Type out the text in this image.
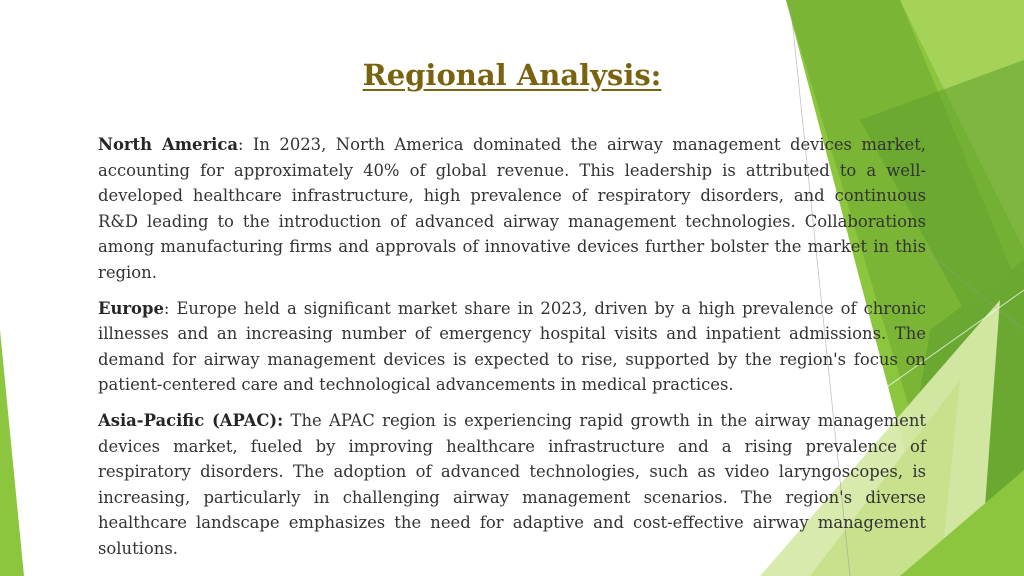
Regional Analysis:

North America: In 2023, North America dominated the airway management devices market, accounting for approximately 40% of global revenue. This leadership is attributed to a well-developed healthcare infrastructure, high prevalence of respiratory disorders, and continuous R&D leading to the introduction of advanced airway management technologies. Collaborations among manufacturing firms and approvals of innovative devices further bolster the market in this region.

Europe: Europe held a significant market share in 2023, driven by a high prevalence of chronic illnesses and an increasing number of emergency hospital visits and inpatient admissions. The demand for airway management devices is expected to rise, supported by the region's focus on patient-centered care and technological advancements in medical practices.

Asia-Pacific (APAC): The APAC region is experiencing rapid growth in the airway management devices market, fueled by improving healthcare infrastructure and a rising prevalence of respiratory disorders. The adoption of advanced technologies, such as video laryngoscopes, is increasing, particularly in challenging airway management scenarios. The region's diverse healthcare landscape emphasizes the need for adaptive and cost-effective airway management solutions.
